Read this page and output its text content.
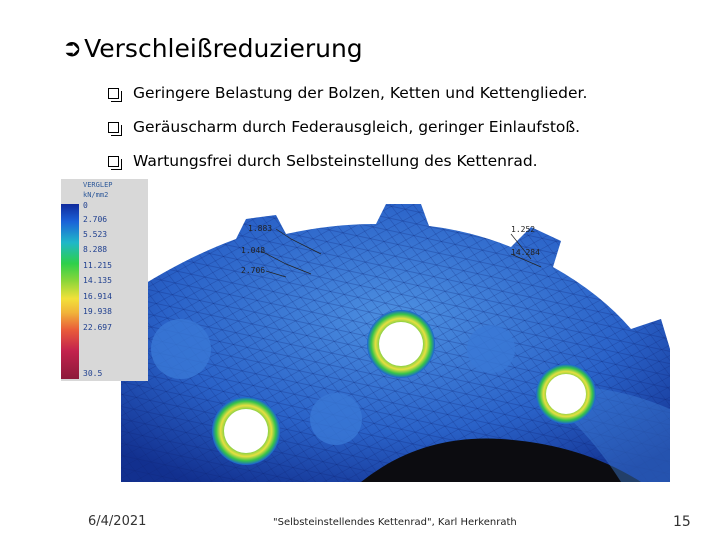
➲ Verschleißreduzierung
Geringere Belastung der Bolzen, Ketten und Kettenglieder.
Geräuscharm durch Federausgleich, geringer Einlaufstoß.
Wartungsfrei durch Selbsteinstellung des Kettenrad.
1.883
1.048
2.706
1.252
14.284
VERGLEP
kN/mm2
0
2.706
5.523
8.288
11.215
14.135
16.914
19.938
22.697
30.5
6/4/2021	"Selbsteinstellendes Kettenrad", Karl Herkenrath	15
